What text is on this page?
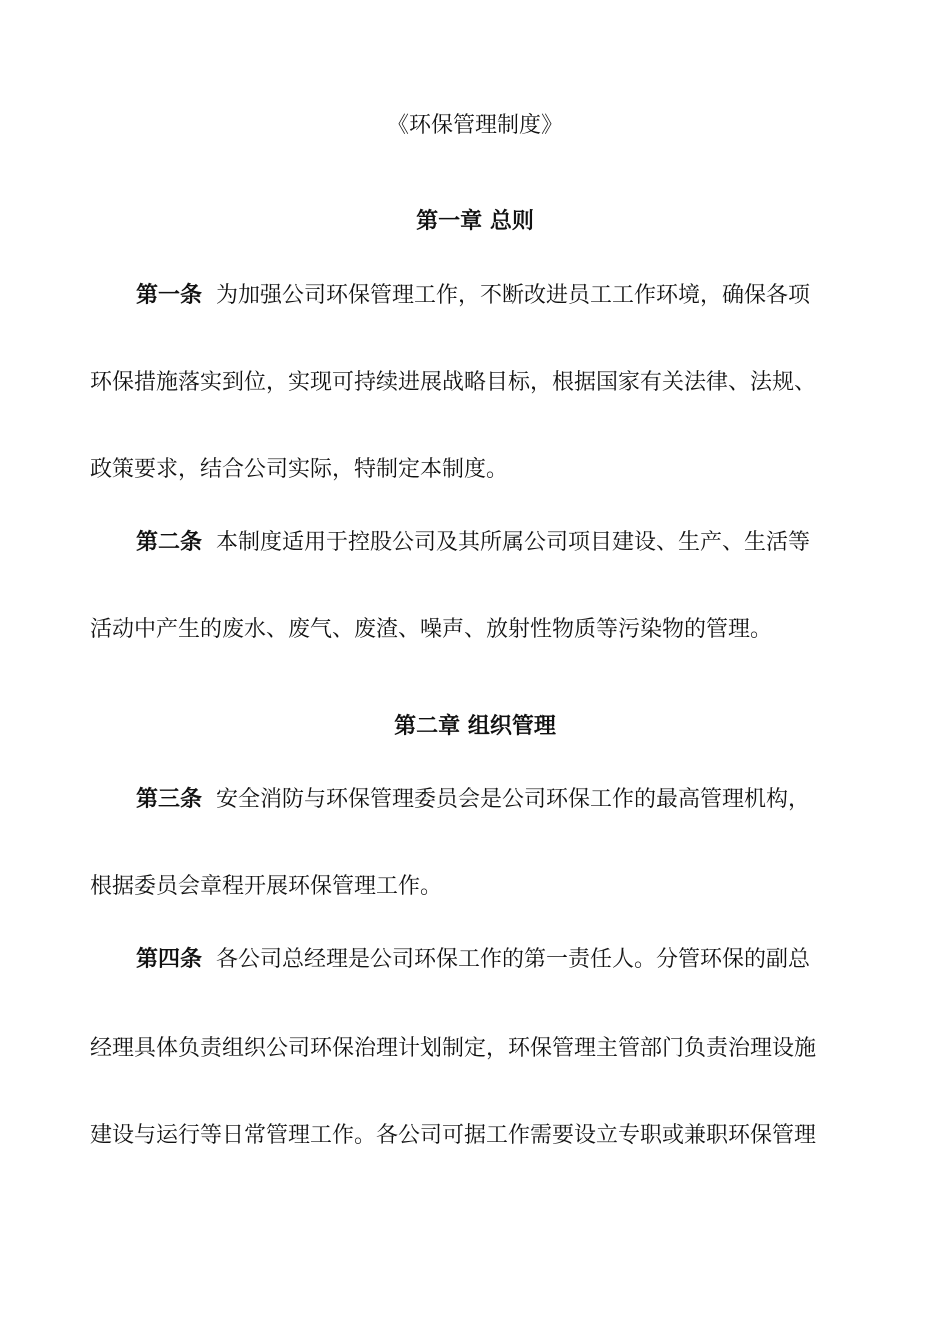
《环保管理制度》
第一章 总则

第一条 为加强公司环保管理工作，不断改进员工工作环境，确保各项

环保措施落实到位，实现可持续进展战略目标，根据国家有关法律、法规、

政策要求，结合公司实际，特制定本制度。

第二条 本制度适用于控股公司及其所属公司项目建设、生产、生活等

活动中产生的废水、废气、废渣、噪声、放射性物质等污染物的管理。

第二章 组织管理

第三条 安全消防与环保管理委员会是公司环保工作的最高管理机构，

根据委员会章程开展环保管理工作。

第四条 各公司总经理是公司环保工作的第一责任人。分管环保的副总

经理具体负责组织公司环保治理计划制定，环保管理主管部门负责治理设施

建设与运行等日常管理工作。各公司可据工作需要设立专职或兼职环保管理
